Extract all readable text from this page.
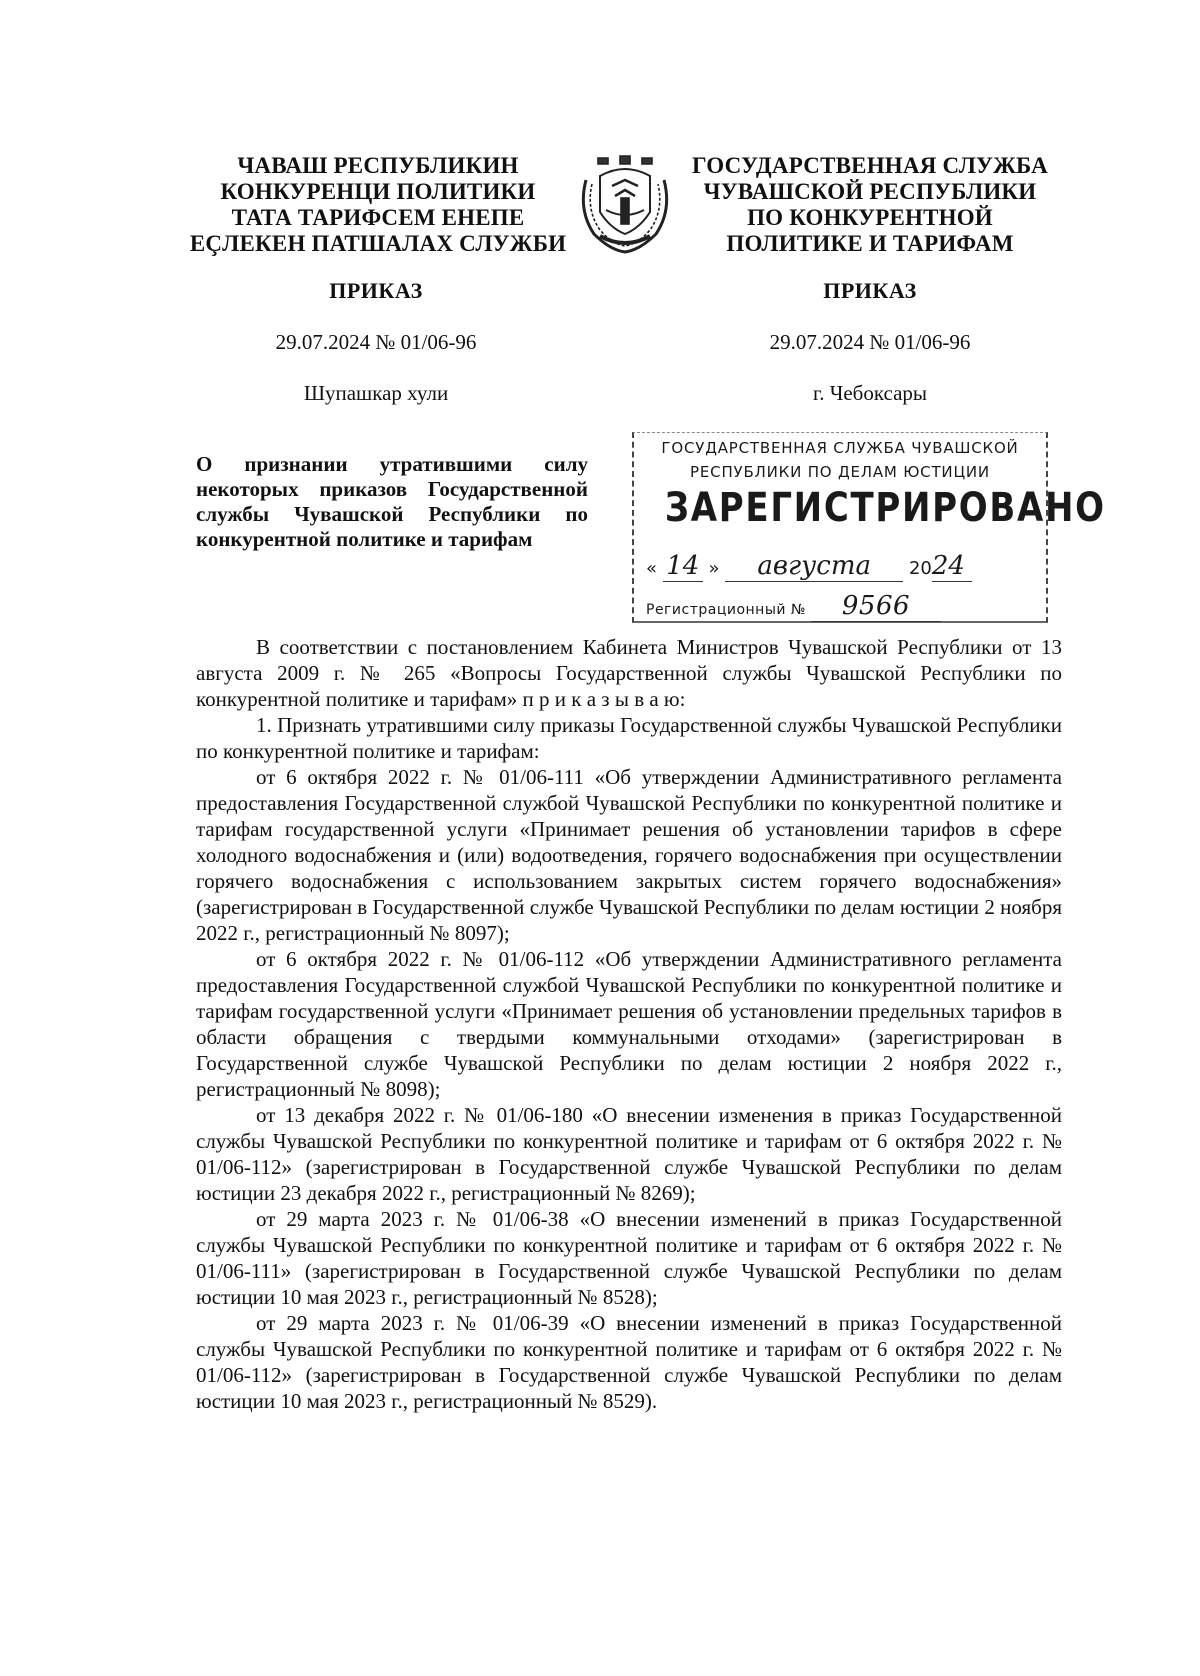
ЧАВАШ РЕСПУБЛИКИН
КОНКУРЕНЦИ ПОЛИТИКИ
ТАТА ТАРИФСЕМ ЕНЕПЕ
ЕÇЛЕКЕН ПАТШАЛАХ СЛУЖБИ
ГОСУДАРСТВЕННАЯ СЛУЖБА
ЧУВАШСКОЙ РЕСПУБЛИКИ
ПО КОНКУРЕНТНОЙ
ПОЛИТИКЕ И ТАРИФАМ
ПРИКАЗ	ПРИКАЗ
29.07.2024 № 01/06-96	29.07.2024 № 01/06-96
Шупашкар хули	г. Чебоксары
О признании утратившими силу
некоторых приказов Государственной
службы Чувашской Республики по
конкурентной политике и тарифам
ГОСУДАРСТВЕННАЯ СЛУЖБА ЧУВАШСКОЙ
РЕСПУБЛИКИ ПО ДЕЛАМ ЮСТИЦИИ
ЗАРЕГИСТРИРОВАНО
« 14 » августа 2024
Регистрационный № 9566

В соответствии с постановлением Кабинета Министров Чувашской Республики от 13 августа 2009 г. № 265 «Вопросы Государственной службы Чувашской Республики по конкурентной политике и тарифам» п р и к а з ы в а ю:

1. Признать утратившими силу приказы Государственной службы Чувашской Республики по конкурентной политике и тарифам:

от 6 октября 2022 г. № 01/06-111 «Об утверждении Административного регламента предоставления Государственной службой Чувашской Республики по конкурентной политике и тарифам государственной услуги «Принимает решения об установлении тарифов в сфере холодного водоснабжения и (или) водоотведения, горячего водоснабжения при осуществлении горячего водоснабжения с использованием закрытых систем горячего водоснабжения» (зарегистрирован в Государственной службе Чувашской Республики по делам юстиции 2 ноября 2022 г., регистрационный № 8097);

от 6 октября 2022 г. № 01/06-112 «Об утверждении Административного регламента предоставления Государственной службой Чувашской Республики по конкурентной политике и тарифам государственной услуги «Принимает решения об установлении предельных тарифов в области обращения с твердыми коммунальными отходами» (зарегистрирован в Государственной службе Чувашской Республики по делам юстиции 2 ноября 2022 г., регистрационный № 8098);

от 13 декабря 2022 г. № 01/06-180 «О внесении изменения в приказ Государственной службы Чувашской Республики по конкурентной политике и тарифам от 6 октября 2022 г. № 01/06-112» (зарегистрирован в Государственной службе Чувашской Республики по делам юстиции 23 декабря 2022 г., регистрационный № 8269);

от 29 марта 2023 г. № 01/06-38 «О внесении изменений в приказ Государственной службы Чувашской Республики по конкурентной политике и тарифам от 6 октября 2022 г. № 01/06-111» (зарегистрирован в Государственной службе Чувашской Республики по делам юстиции 10 мая 2023 г., регистрационный № 8528);

от 29 марта 2023 г. № 01/06-39 «О внесении изменений в приказ Государственной службы Чувашской Республики по конкурентной политике и тарифам от 6 октября 2022 г. № 01/06-112» (зарегистрирован в Государственной службе Чувашской Республики по делам юстиции 10 мая 2023 г., регистрационный № 8529).
